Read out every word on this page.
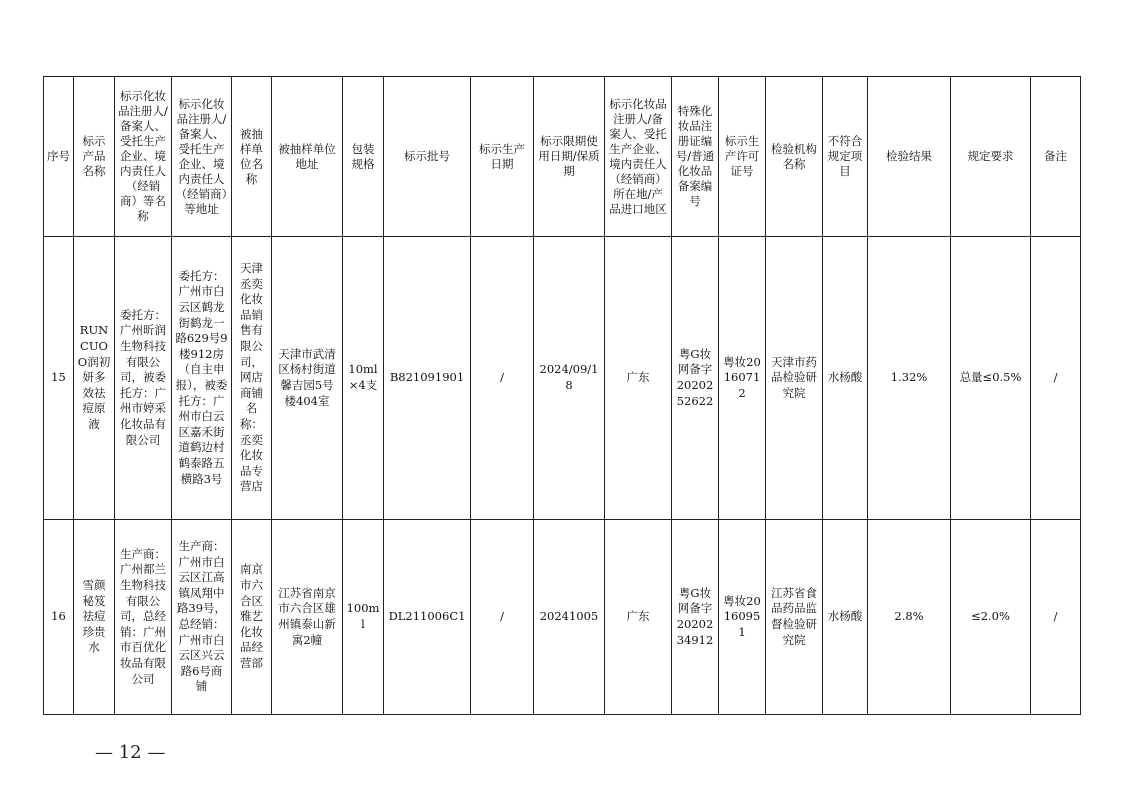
序号	标示产品名称	标示化妆品注册人/备案人、受托生产企业、境内责任人（经销商）等名称	标示化妆品注册人/备案人、受托生产企业、境内责任人（经销商）等地址	被抽样单位名称	被抽样单位地址	包装规格	标示批号	标示生产日期	标示限期使用日期/保质期	标示化妆品注册人/备案人、受托生产企业、境内责任人（经销商）所在地/产品进口地区	特殊化妆品注册证编号/普通化妆品备案编号	标示生产许可证号	检验机构名称	不符合规定项目	检验结果	规定要求	备注
15	RUNCUOO润初妍多效祛痘原液	委托方：广州昕润生物科技有限公司，被委托方：广州市婷采化妆品有限公司	委托方：广州市白云区鹤龙街鹤龙一路629号9楼912房（自主申报），被委托方：广州市白云区嘉禾街道鹤边村鹤泰路五横路3号	天津丞奕化妆品销售有限公司，网店商铺名称：丞奕化妆品专营店	天津市武清区杨村街道馨吉园5号楼404室	10ml×4支	B821091901	/	2024/09/18	广东	粤G妆网备字2020252622	粤妆20160712	天津市药品检验研究院	水杨酸	1.32%	总量≤0.5%	/
16	雪颜秘笈祛痘珍贵水	生产商：广州都兰生物科技有限公司，总经销：广州市百优化妆品有限公司	生产商：广州市白云区江高镇凤翔中路39号，总经销：广州市白云区兴云路6号商铺	南京市六合区雅艺化妆品经营部	江苏省南京市六合区雄州镇泰山新寓2幢	100ml	DL211006C1	/	20241005	广东	粤G妆网备字2020234912	粤妆20160951	江苏省食品药品监督检验研究院	水杨酸	2.8%	≤2.0%	/
— 12 —
